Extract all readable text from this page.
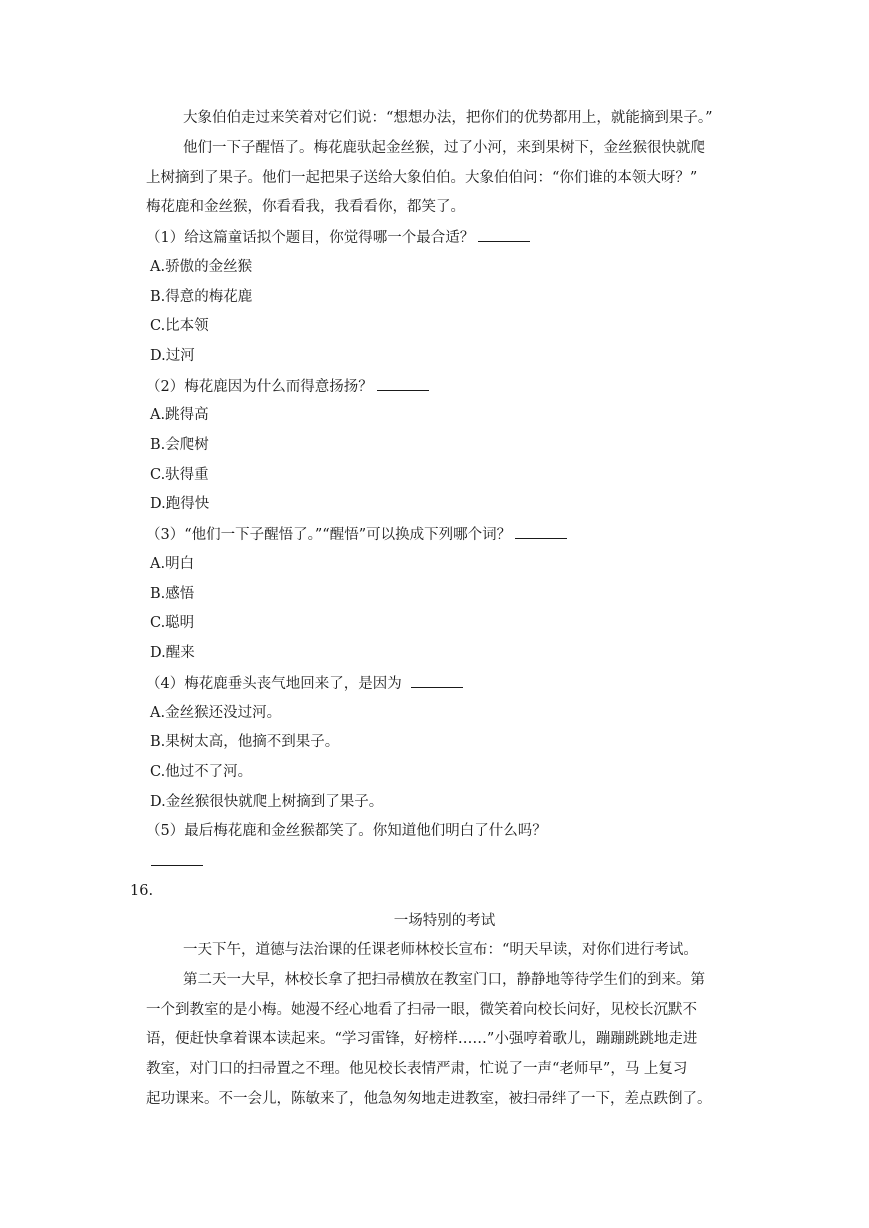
大象伯伯走过来笑着对它们说：“想想办法，把你们的优势都用上，就能摘到果子。”
他们一下子醒悟了。梅花鹿驮起金丝猴，过了小河，来到果树下，金丝猴很快就爬
上树摘到了果子。他们一起把果子送给大象伯伯。大象伯伯问：“你们谁的本领大呀？”
梅花鹿和金丝猴，你看看我，我看看你，都笑了。
（1）给这篇童话拟个题目，你觉得哪一个最合适？
A.骄傲的金丝猴
B.得意的梅花鹿
C.比本领
D.过河
（2）梅花鹿因为什么而得意扬扬？
A.跳得高
B.会爬树
C.驮得重
D.跑得快
（3）“他们一下子醒悟了。”“醒悟”可以换成下列哪个词？
A.明白
B.感悟
C.聪明
D.醒来
（4）梅花鹿垂头丧气地回来了，是因为
A.金丝猴还没过河。
B.果树太高，他摘不到果子。
C.他过不了河。
D.金丝猴很快就爬上树摘到了果子。
（5）最后梅花鹿和金丝猴都笑了。你知道他们明白了什么吗？
16.
一场特别的考试
一天下午，道德与法治课的任课老师林校长宣布：“明天早读，对你们进行考试。
第二天一大早，林校长拿了把扫帚横放在教室门口，静静地等待学生们的到来。第
一个到教室的是小梅。她漫不经心地看了扫帚一眼，微笑着向校长问好，见校长沉默不
语，便赶快拿着课本读起来。“学习雷锋，好榜样……”小强哼着歌儿，蹦蹦跳跳地走进
教室，对门口的扫帚置之不理。他见校长表情严肃，忙说了一声“老师早”，马 上复习
起功课来。不一会儿，陈敏来了，他急匆匆地走进教室，被扫帚绊了一下，差点跌倒了。
